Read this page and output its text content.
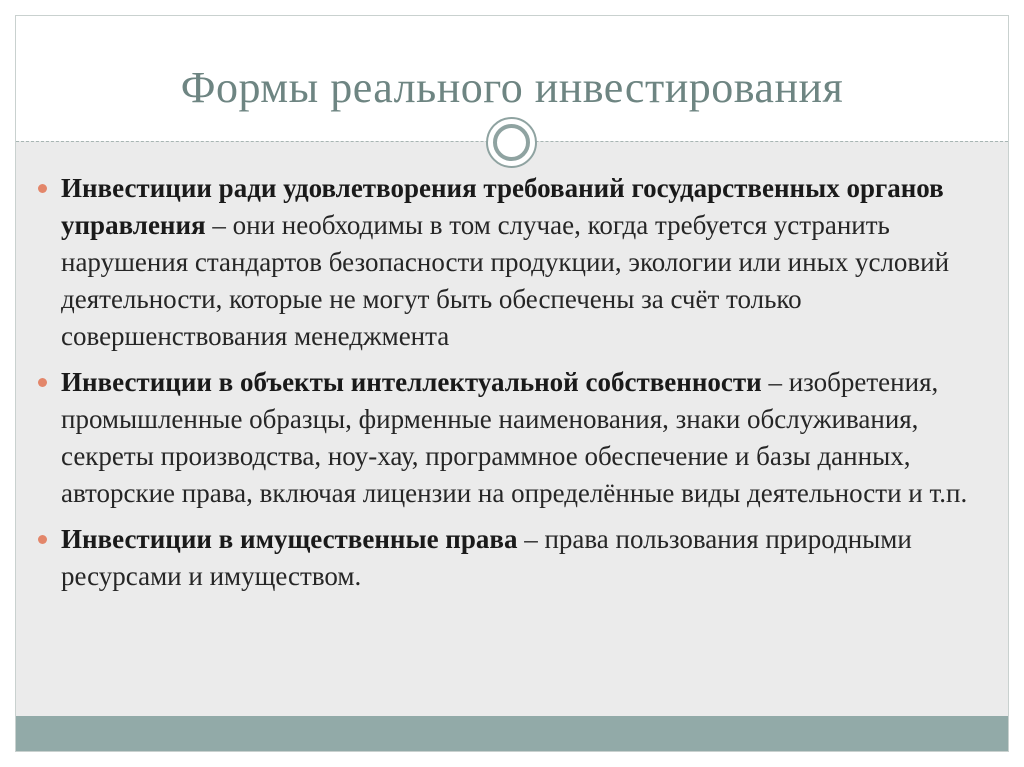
Формы реального инвестирования
Инвестиции ради удовлетворения требований государственных органов управления – они необходимы в том случае, когда требуется устранить нарушения стандартов безопасности продукции, экологии или иных условий деятельности, которые не могут быть обеспечены за счёт только совершенствования менеджмента
Инвестиции в объекты интеллектуальной собственности – изобретения, промышленные образцы, фирменные наименования, знаки обслуживания, секреты производства, ноу-хау, программное обеспечение и базы данных, авторские права, включая лицензии на определённые виды деятельности и т.п.
Инвестиции в имущественные права – права пользования природными ресурсами и имуществом.
